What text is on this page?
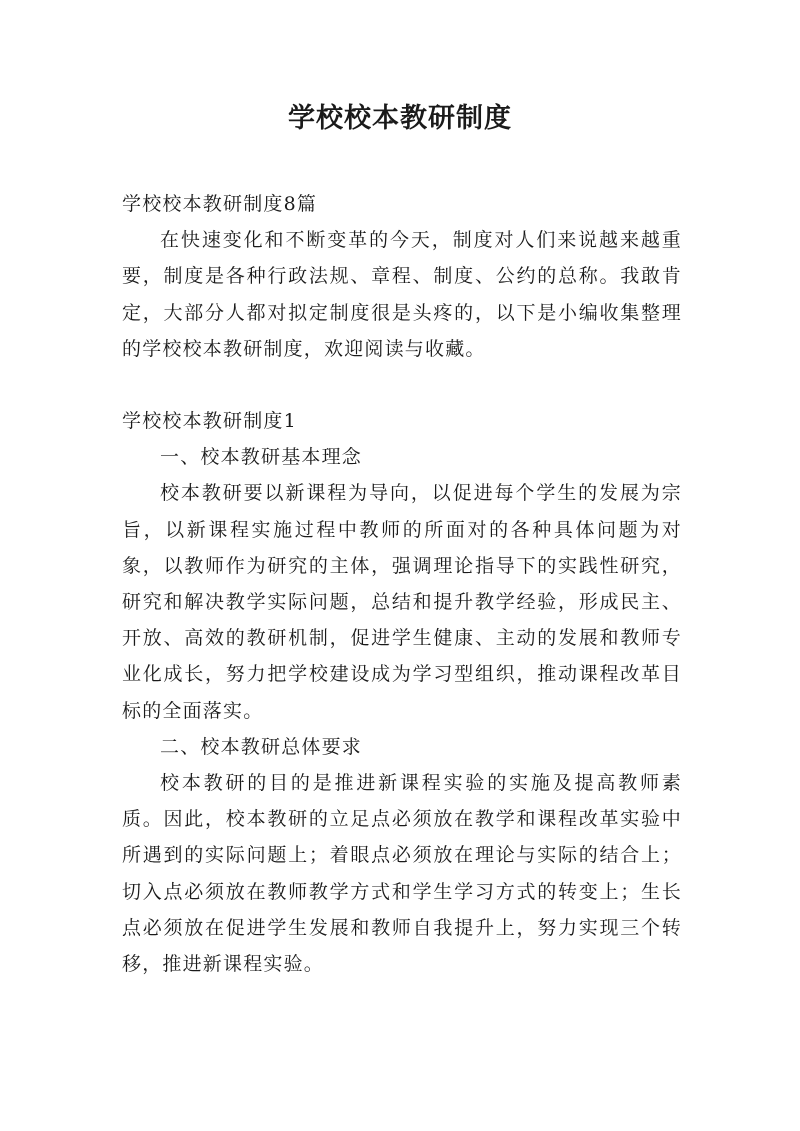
学校校本教研制度

学校校本教研制度8篇

在快速变化和不断变革的今天，制度对人们来说越来越重要，制度是各种行政法规、章程、制度、公约的总称。我敢肯定，大部分人都对拟定制度很是头疼的，以下是小编收集整理的学校校本教研制度，欢迎阅读与收藏。

学校校本教研制度1

一、校本教研基本理念

校本教研要以新课程为导向，以促进每个学生的发展为宗旨，以新课程实施过程中教师的所面对的各种具体问题为对象，以教师作为研究的主体，强调理论指导下的实践性研究，研究和解决教学实际问题，总结和提升教学经验，形成民主、开放、高效的教研机制，促进学生健康、主动的发展和教师专业化成长，努力把学校建设成为学习型组织，推动课程改革目标的全面落实。

二、校本教研总体要求

校本教研的目的是推进新课程实验的实施及提高教师素质。因此，校本教研的立足点必须放在教学和课程改革实验中所遇到的实际问题上；着眼点必须放在理论与实际的结合上；切入点必须放在教师教学方式和学生学习方式的转变上；生长点必须放在促进学生发展和教师自我提升上，努力实现三个转移，推进新课程实验。
